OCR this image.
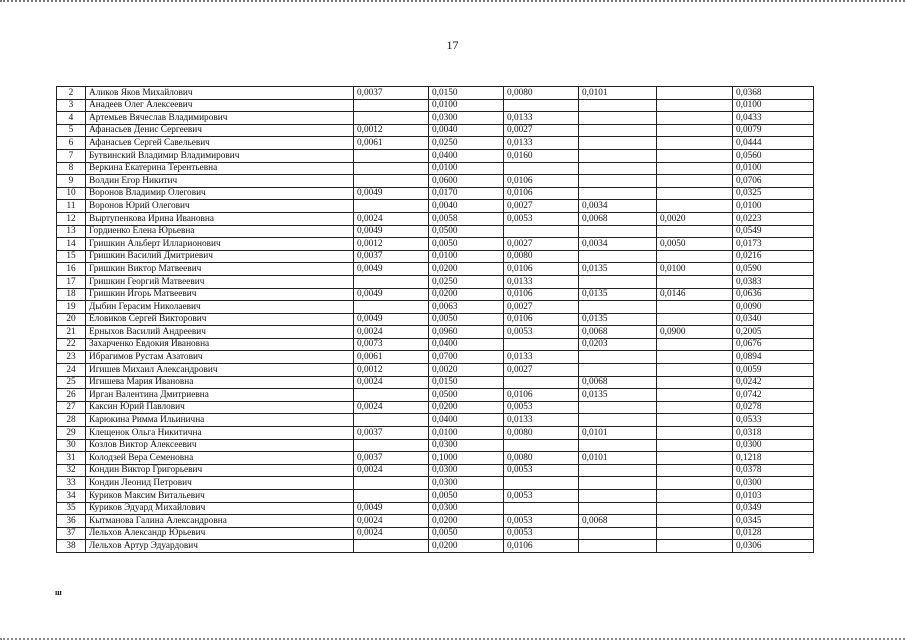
17
2	Аликов Яков Михайлович	0,0037	0,0150	0,0080	0,0101		0,0368
3	Анадеев Олег Алексеевич		0,0100				0,0100
4	Артемьев Вячеслав Владимирович		0,0300	0,0133			0,0433
5	Афанасьев Денис Сергеевич	0,0012	0,0040	0,0027			0,0079
6	Афанасьев Сергей Савельевич	0,0061	0,0250	0,0133			0,0444
7	Бутвинский Владимир Владимирович		0,0400	0,0160			0,0560
8	Веркина Екатерина Терентьевна		0,0100				0,0100
9	Волдин Егор Никитич		0,0600	0,0106			0,0706
10	Воронов Владимир Олегович	0,0049	0,0170	0,0106			0,0325
11	Воронов Юрий Олегович		0,0040	0,0027	0,0034		0,0100
12	Выртупенкова Ирина Ивановна	0,0024	0,0058	0,0053	0,0068	0,0020	0,0223
13	Гордиенко Елена Юрьевна	0,0049	0,0500				0,0549
14	Гришкин Альберт Илларионович	0,0012	0,0050	0,0027	0,0034	0,0050	0,0173
15	Гришкин Василий Дмитриевич	0,0037	0,0100	0,0080			0,0216
16	Гришкин Виктор Матвеевич	0,0049	0,0200	0,0106	0,0135	0,0100	0,0590
17	Гришкин Георгий Матвеевич		0,0250	0,0133			0,0383
18	Гришкин Игорь Матвеевич	0,0049	0,0200	0,0106	0,0135	0,0146	0,0636
19	Дыбин Герасим Николаевич		0,0063	0,0027			0,0090
20	Еловиков Сергей Викторович	0,0049	0,0050	0,0106	0,0135		0,0340
21	Ерныхов Василий Андреевич	0,0024	0,0960	0,0053	0,0068	0,0900	0,2005
22	Захарченко Евдокия Ивановна	0,0073	0,0400		0,0203		0,0676
23	Ибрагимов Рустам Азатович	0,0061	0,0700	0,0133			0,0894
24	Игишев Михаил Александрович	0,0012	0,0020	0,0027			0,0059
25	Игишева Мария Ивановна	0,0024	0,0150		0,0068		0,0242
26	Ирган Валентина Дмитриевна		0,0500	0,0106	0,0135		0,0742
27	Каксин Юрий Павлович	0,0024	0,0200	0,0053			0,0278
28	Карюкина Римма Ильинична		0,0400	0,0133			0,0533
29	Клещенок Ольга Никитична	0,0037	0,0100	0,0080	0,0101		0,0318
30	Козлов Виктор Алексеевич		0,0300				0,0300
31	Колодзей Вера Семеновна	0,0037	0,1000	0,0080	0,0101		0,1218
32	Кондин Виктор Григорьевич	0,0024	0,0300	0,0053			0,0378
33	Кондин Леонид Петрович		0,0300				0,0300
34	Куриков Максим Витальевич		0,0050	0,0053			0,0103
35	Куриков Эдуард Михайлович	0,0049	0,0300				0,0349
36	Кытманова Галина Александровна	0,0024	0,0200	0,0053	0,0068		0,0345
37	Лельхов Александр Юрьевич	0,0024	0,0050	0,0053			0,0128
38	Лельхов Артур Эдуардович		0,0200	0,0106			0,0306
ш
